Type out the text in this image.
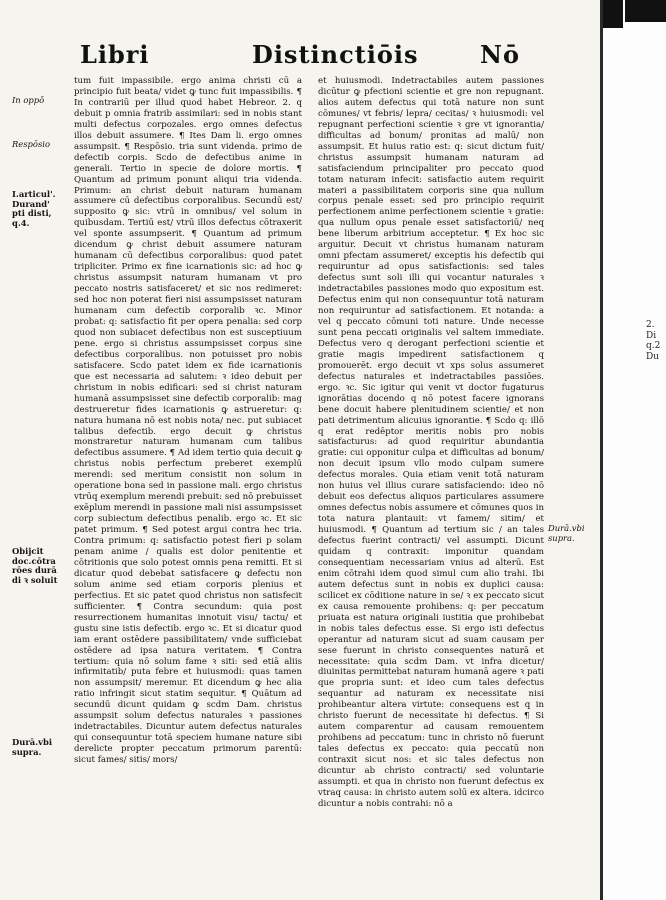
Libri	Distinctiōis	Nō
In oppō̄
Respōsio
I.articul'.
Durand'
pti disti,
q.4.
Obijcit
doc.cōtra
rōes durā
di ꝛ soluit
Durā.vbi
supra.

tum fuit impassibile. ergo anima christi cū a principio fuit beata/ videt ꝙ tunc fuit impassibilis. ¶ In contrariū per illud quod habet Hebreor. 2. q debuit p omnia fratrib assimilari: sed in nobis stant multi defectus corpozales. ergo omnes defectus illos debuit assumere. ¶ Ites Dam li. ergo omnes assumpsit. ¶ Respōsio. tria sunt videnda. primo de defectib corpis. Scdo de defectibus anime in generali. Tertio in specie de dolore mortis. ¶ Quantum ad primum ponunt aliqui tria videnda. Primum: an christ debuit naturam humanam assumere cū defectibus corporalibus. Secundū est/ supposito ꝙ sic: vtrū in omnibus/ vel solum in quibusdam. Tertiū est/ vtrū illos defectus cōtraxerit vel sponte assumpserit. ¶ Quantum ad primum dicendum ꝙ christ debuit assumere naturam humanam cū defectibus corporalibus: quod patet tripliciter. Primo ex fine icarnationis sic: ad hoc ꝙ christus assumpsit naturam humanam vt pro peccato nostris satisfaceret/ et sic nos redimeret: sed hoc non poterat fieri nisi assumpsisset naturam humanam cum defectib corporalib ꝛc. Minor probat: q: satisfactio fit per opera penalia: sed corp quod non subiacet defectibus non est susceptiuum pene. ergo si christus assumpsisset corpus sine defectibus corporalibus. non potuisset pro nobis satisfacere. Scdo patet idem ex fide icarnationis que est necessaria ad salutem: ꝛ ideo debuit per christum in nobis edificari: sed si christ naturam humanā assumpsisset sine defectib corporalib: mag destrueretur fides icarnationis ꝙ astrueretur: q: natura humana nō est nobis nota/ nec. put subiacet talibus defectib. ergo decuit ꝙ christus monstraretur naturam humanam cum talibus defectibus assumere. ¶ Ad idem tertio quia decuit ꝙ christus nobis perfectum preberet exemplū merendi: sed meritum consistit non solum in operatione bona sed in passione mali. ergo christus vtrūq exemplum merendi prebuit: sed nō prebuisset exēplum merendi in passione mali nisi assumpsisset corp subiectum defectibus penalib. ergo ꝛc. Et sic patet primum. ¶ Sed potest argui contra hec tria. Contra primum: q: satisfactio potest fieri p solam penam anime / qualis est dolor penitentie et cōtritionis que solo potest omnis pena remitti. Et si dicatur quod debebat satisfacere ꝙ defectu non solum anime sed etiam corporis plenius et perfectius. Et sic patet quod christus non satisfecit sufficienter. ¶ Contra secundum: quia post resurrectionem humanitas innotuit visu/ tactu/ et gustu sine istis defectib. ergo ꝛc. Et si dicatur quod iam erant ostēdere passibilitatem/ vnde sufficiebat ostēdere ad ipsa natura veritatem. ¶ Contra tertium: quia nō solum fame ꝛ siti: sed etiā aliis infirmitatib/ puta febre et huiusmodi: quas tamen non assumpsit/ meremur. Et dicendum ꝙ hec alia ratio infringit sicut statim sequitur. ¶ Quātum ad secundū dicunt quidam ꝙ scdm Dam. christus assumpsit solum defectus naturales ꝛ passiones indetractabiles. Dicuntur autem defectus naturales qui consequuntur totā speciem humane nature sibi derelicte propter peccatum primorum parentū: sicut fames/ sitis/ mors/

et huiusmodi. Indetractabiles autem passiones dicūtur ꝙ pfectioni scientie et gre non repugnant. alios autem defectus qui totā nature non sunt cōmunes/ vt febris/ lepra/ cecitas/ ꝛ huiusmodi: vel repugnant perfectioni scientie ꝛ gre vt ignorantia/ difficultas ad bonum/ pronitas ad malū/ non assumpsit. Et huius ratio est: q: sicut dictum fuit/ christus assumpsit humanam naturam ad satisfaciendum principaliter pro peccato quod totam naturam infecit: satisfactio autem requirit materi a passibilitatem corporis sine qua nullum corpus penale esset: sed pro principio requirit perfectionem anime perfectionem scientie ꝛ gratie: qua nullum opus penale esset satisfactoriū/ neq bene liberum arbitrium acceptetur. ¶ Ex hoc sic arguitur. Decuit vt christus humanam naturam omni pfectam assumeret/ exceptis his defectib qui requiruntur ad opus satisfactionis: sed tales defectus sunt soli illi qui vocantur naturales ꝛ indetractabiles passiones modo quo expositum est. Defectus enim qui non consequuntur totā naturam non requiruntur ad satisfactionem. Et notanda: a vel q peccato cōmuni toti nature. Unde necesse sunt pena peccati originalis vel saltem immediate. Defectus vero q derogant perfectioni scientie et gratie magis impedirent satisfactionem q promouerēt. ergo decuit vt xps solus assumeret defectus naturales et indetractabiles passiōes. ergo. ꝛc. Sic igitur qui venit vt doctor fugaturus ignorātias docendo q nō potest facere ignorans bene docuit habere plenitudinem scientie/ et non pati detrimentum alicuius ignorantie. ¶ Scdo q: illō q erat redēptor meritis nobis pro nobis satisfacturus: ad quod requiritur abundantia gratie: cui opponitur culpa et difficultas ad bonum/ non decuit ipsum vllo modo culpam sumere defectus morales. Quia etiam venit totā naturam non huius vel illius curare satisfaciendo: ideo nō debuit eos defectus aliquos particulares assumere omnes defectus nobis assumere et cōmunes quos in tota natura plantauit: vt famem/ sitim/ et huiusmodi. ¶ Quantum ad tertium sic / an tales defectus fuerint contracti/ vel assumpti. Dicunt quidam q contraxit: imponitur quandam consequentiam necessariam vnius ad alterū. Est enim cōtrahi idem quod simul cum alio trahi. Ibi autem defectus sunt in nobis ex duplici causa: scilicet ex cōditione nature in se/ ꝛ ex peccato sicut ex causa remouente prohibens: q: per peccatum priuata est natura originali iustitia que prohibebat in nobis tales defectus esse. Si ergo isti defectus operantur ad naturam sicut ad suam causam per sese fuerunt in christo consequentes naturā et necessitate: quia scdm Dam. vt infra dicetur/ diuinitas permittebat naturam humanā agere ꝛ pati que propria sunt: et ideo cum tales defectus sequantur ad naturam ex necessitate nisi prohibeantur altera virtute: consequens est q in christo fuerunt de necessitate hi defectus. ¶ Si autem comparentur ad causam remouentem prohibens ad peccatum: tunc in christo nō fuerunt tales defectus ex peccato: quia peccatū non contraxit sicut nos: et sic tales defectus non dicuntur ab christo contracti/ sed voluntarie assumpti. et qua in christo non fuerunt defectus ex vtraq causa: in christo autem solū ex altera. idcirco dicuntur a nobis contrahi: nō a

Durā.vbi
supra.
2.
Di
q.2
Du
